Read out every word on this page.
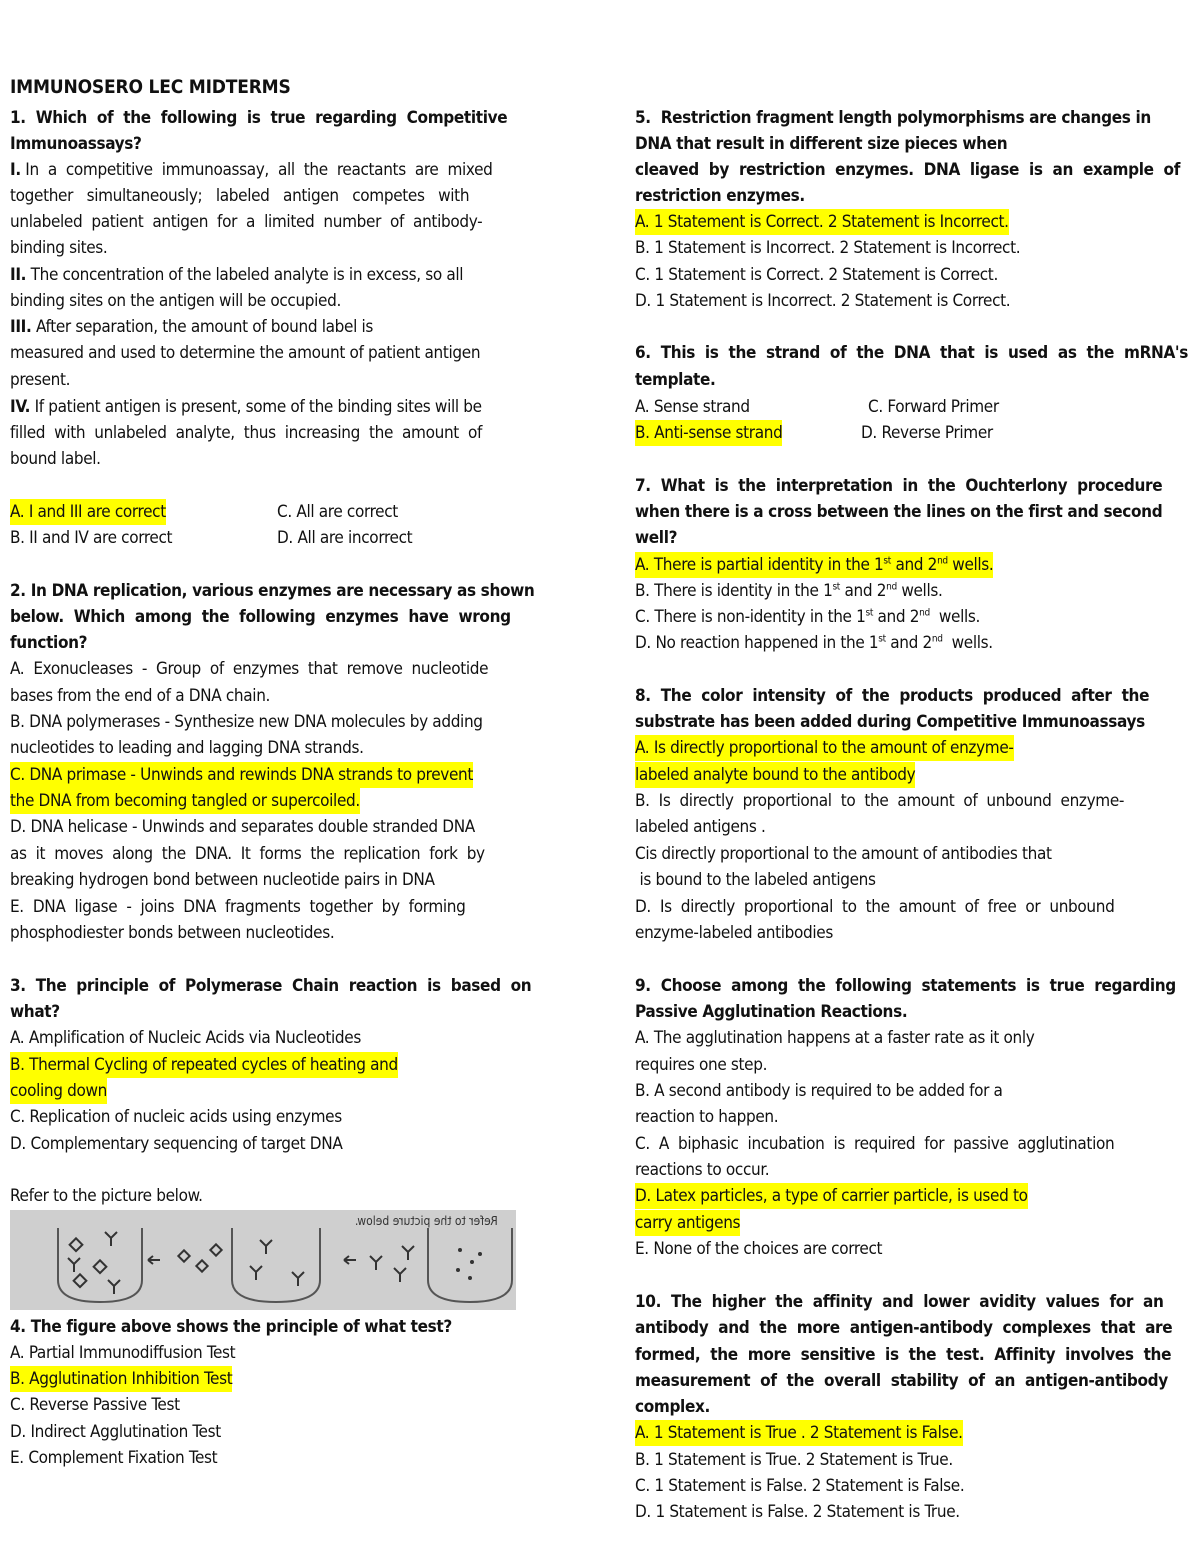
IMMUNOSERO LEC MIDTERMS
1.  Which  of  the  following  is  true  regarding  Competitive
Immunoassays?
I. In  a  competitive  immunoassay,  all  the  reactants  are  mixed
together   simultaneously;   labeled   antigen   competes   with
unlabeled  patient  antigen  for  a  limited  number  of  antibody-
binding sites.
II. The concentration of the labeled analyte is in excess, so all
binding sites on the antigen will be occupied.
III. After separation, the amount of bound label is
measured and used to determine the amount of patient antigen
present.
IV. If patient antigen is present, some of the binding sites will be
filled  with  unlabeled  analyte,  thus  increasing  the  amount  of
bound label.
A. I and III are correct
B. II and IV are correct
C. All are correct
D. All are incorrect
2. In DNA replication, various enzymes are necessary as shown
below.  Which  among  the  following  enzymes  have  wrong
function?
A.  Exonucleases  -  Group  of  enzymes  that  remove  nucleotide
bases from the end of a DNA chain.
B. DNA polymerases - Synthesize new DNA molecules by adding
nucleotides to leading and lagging DNA strands.
C. DNA primase - Unwinds and rewinds DNA strands to prevent
the DNA from becoming tangled or supercoiled.
D. DNA helicase - Unwinds and separates double stranded DNA
as  it  moves  along  the  DNA.  It  forms  the  replication  fork  by
breaking hydrogen bond between nucleotide pairs in DNA
E.  DNA  ligase  -  joins  DNA  fragments  together  by  forming
phosphodiester bonds between nucleotides.
3.  The  principle  of  Polymerase  Chain  reaction  is  based  on
what?
A. Amplification of Nucleic Acids via Nucleotides
B. Thermal Cycling of repeated cycles of heating and
cooling down
C. Replication of nucleic acids using enzymes
D. Complementary sequencing of target DNA
Refer to the picture below.
Refer to the picture below.
4. The figure above shows the principle of what test?
A. Partial Immunodiffusion Test
B. Agglutination Inhibition Test
C. Reverse Passive Test
D. Indirect Agglutination Test
E. Complement Fixation Test
5.  Restriction fragment length polymorphisms are changes in
DNA that result in different size pieces when
cleaved  by  restriction  enzymes.  DNA  ligase  is  an  example  of
restriction enzymes.
A. 1 Statement is Correct. 2 Statement is Incorrect.
B. 1 Statement is Incorrect. 2 Statement is Incorrect.
C. 1 Statement is Correct. 2 Statement is Correct.
D. 1 Statement is Incorrect. 2 Statement is Correct.
6.  This  is  the  strand  of  the  DNA  that  is  used  as  the  mRNA's
template.
A. Sense strand
B. Anti-sense strand
C. Forward Primer
D. Reverse Primer
7.  What  is  the  interpretation  in  the  Ouchterlony  procedure
when there is a cross between the lines on the first and second
well?
A. There is partial identity in the 1st and 2nd wells.
B. There is identity in the 1st and 2nd wells.
C. There is non-identity in the 1st and 2nd  wells.
D. No reaction happened in the 1st and 2nd  wells.
8.  The  color  intensity  of  the  products  produced  after  the
substrate has been added during Competitive Immunoassays
A. Is directly proportional to the amount of enzyme-
labeled analyte bound to the antibody
B.  Is  directly  proportional  to  the  amount  of  unbound  enzyme-
labeled antigens .
Cis directly proportional to the amount of antibodies that
is bound to the labeled antigens
D.  Is  directly  proportional  to  the  amount  of  free  or  unbound
enzyme-labeled antibodies
9.  Choose  among  the  following  statements  is  true  regarding
Passive Agglutination Reactions.
A. The agglutination happens at a faster rate as it only
requires one step.
B. A second antibody is required to be added for a
reaction to happen.
C.  A  biphasic  incubation  is  required  for  passive  agglutination
reactions to occur.
D. Latex particles, a type of carrier particle, is used to
carry antigens
E. None of the choices are correct
10.  The  higher  the  affinity  and  lower  avidity  values  for  an
antibody  and  the  more  antigen-antibody  complexes  that  are
formed,  the  more  sensitive  is  the  test.  Affinity  involves  the
measurement  of  the  overall  stability  of  an  antigen-antibody
complex.
A. 1 Statement is True . 2 Statement is False.
B. 1 Statement is True. 2 Statement is True.
C. 1 Statement is False. 2 Statement is False.
D. 1 Statement is False. 2 Statement is True.
